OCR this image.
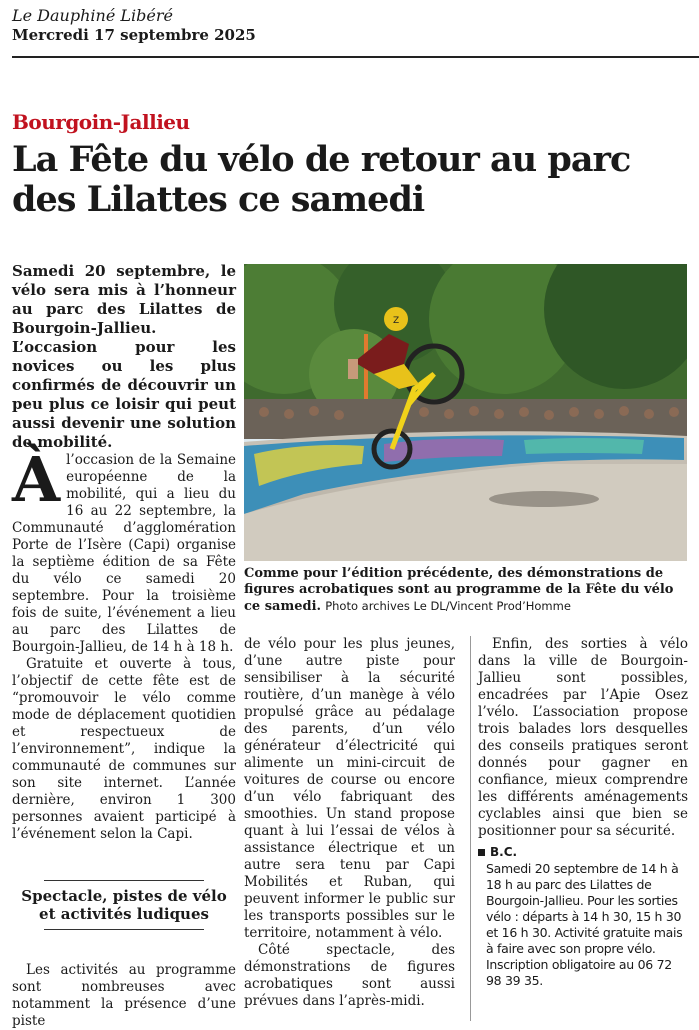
Le Dauphiné Libéré
Mercredi 17 septembre 2025
Bourgoin-Jallieu
La Fête du vélo de retour au parc des Lilattes ce samedi
Samedi 20 septembre, le vélo sera mis à l’honneur au parc des Lilattes de Bourgoin-Jallieu. L’occasion pour les novices ou les plus confirmés de découvrir un peu plus ce loisir qui peut aussi devenir une solution de mobilité.

Àl’occasion de la Semaine européenne de la mobilité, qui a lieu du 16 au 22 septembre, la Communauté d’agglomération Porte de l’Isère (Capi) organise la septième édition de sa Fête du vélo ce samedi 20 septembre. Pour la troisième fois de suite, l’événement a lieu au parc des Lilattes de Bourgoin-Jallieu, de 14 h à 18 h.

Gratuite et ouverte à tous, l’objectif de cette fête est de “promouvoir le vélo comme mode de déplacement quotidien et respectueux de l’environnement”, indique la communauté de communes sur son site internet. L’année dernière, environ 1 300 personnes avaient participé à l’événement selon la Capi.

Spectacle, pistes de vélo et activités ludiques

Les activités au programme sont nombreuses avec notamment la présence d’une piste

Z
Comme pour l’édition précédente, des démonstrations de figures acrobatiques sont au programme de la Fête du vélo ce samedi. Photo archives Le DL/Vincent Prod’Homme

de vélo pour les plus jeunes, d’une autre piste pour sensibiliser à la sécurité routière, d’un manège à vélo propulsé grâce au pédalage des parents, d’un vélo générateur d’électricité qui alimente un mini-circuit de voitures de course ou encore d’un vélo fabriquant des smoothies. Un stand propose quant à lui l’essai de vélos à assistance électrique et un autre sera tenu par Capi Mobilités et Ruban, qui peuvent informer le public sur les transports possibles sur le territoire, notamment à vélo.

Côté spectacle, des démonstrations de figures acrobatiques sont aussi prévues dans l’après-midi.

Enfin, des sorties à vélo dans la ville de Bourgoin-Jallieu sont possibles, encadrées par l’Apie Osez l’vélo. L’association propose trois balades lors desquelles des conseils pratiques seront donnés pour gagner en confiance, mieux comprendre les différents aménagements cyclables ainsi que bien se positionner pour sa sécurité.

B.C.
Samedi 20 septembre de 14 h à 18 h au parc des Lilattes de Bourgoin-Jallieu. Pour les sorties vélo : départs à 14 h 30, 15 h 30 et 16 h 30. Activité gratuite mais à faire avec son propre vélo. Inscription obligatoire au 06 72 98 39 35.
